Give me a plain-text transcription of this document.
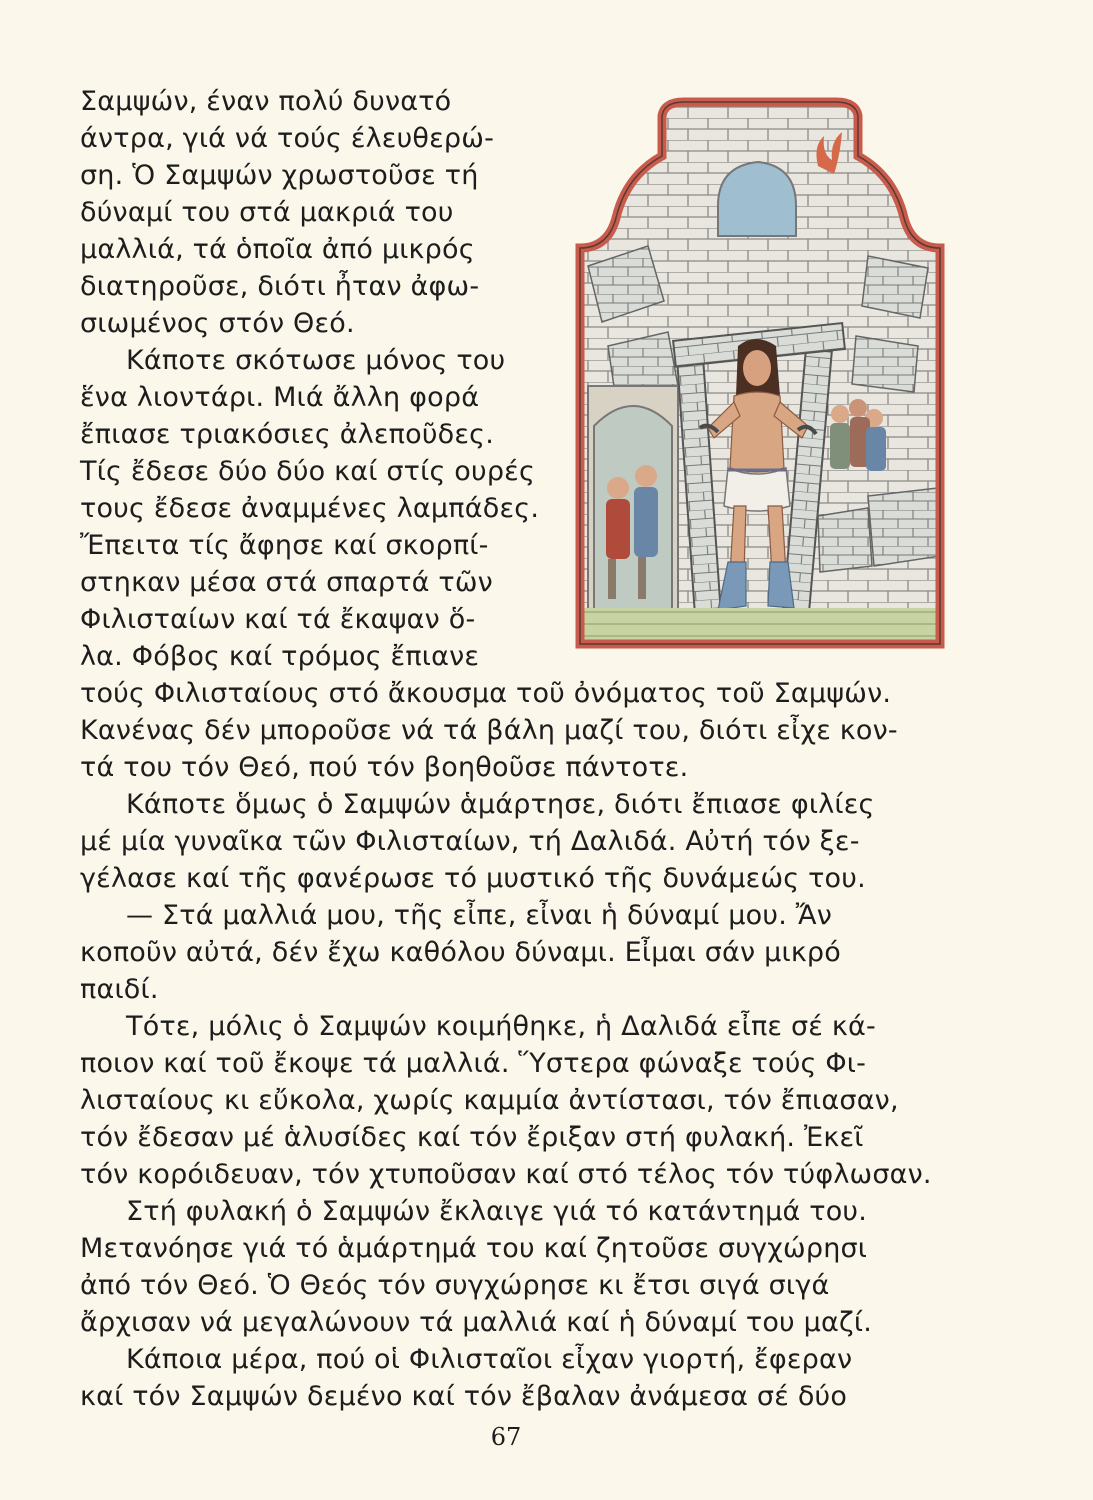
Σαμψών, έναν πολύ δυνατό
άντρα, γιά νά τούς έλευθερώ-
ση. Ὁ Σαμψών χρωστοῦσε τή
δύναμί του στά μακριά του
μαλλιά, τά ὁποῖα ἀπό μικρός
διατηροῦσε, διότι ἦταν ἀφω-
σιωμένος στόν Θεό.
Κάποτε σκότωσε μόνος του
ἕνα λιοντάρι. Μιά ἄλλη φορά
ἔπιασε τριακόσιες ἀλεποῦδες.
Τίς ἔδεσε δύο δύο καί στίς ουρές
τους ἔδεσε ἀναμμένες λαμπάδες.
Ἔπειτα τίς ἄφησε καί σκορπί-
στηκαν μέσα στά σπαρτά τῶν
Φιλισταίων καί τά ἔκαψαν ὅ-
λα. Φόβος καί τρόμος ἔπιανε
τούς Φιλισταίους στό ἄκουσμα τοῦ ὀνόματος τοῦ Σαμψών.
Κανένας δέν μποροῦσε νά τά βάλη μαζί του, διότι εἶχε κον-
τά του τόν Θεό, πού τόν βοηθοῦσε πάντοτε.
Κάποτε ὅμως ὁ Σαμψών ἁμάρτησε, διότι ἔπιασε φιλίες
μέ μία γυναῖκα τῶν Φιλισταίων, τή Δαλιδά. Αὐτή τόν ξε-
γέλασε καί τῆς φανέρωσε τό μυστικό τῆς δυνάμεώς του.
— Στά μαλλιά μου, τῆς εἶπε, εἶναι ἡ δύναμί μου. Ἄν
κοποῦν αὐτά, δέν ἔχω καθόλου δύναμι. Εἶμαι σάν μικρό
παιδί.
Τότε, μόλις ὁ Σαμψών κοιμήθηκε, ἡ Δαλιδά εἶπε σέ κά-
ποιον καί τοῦ ἔκοψε τά μαλλιά. Ὕστερα φώναξε τούς Φι-
λισταίους κι εὔκολα, χωρίς καμμία ἀντίστασι, τόν ἔπιασαν,
τόν ἔδεσαν μέ ἁλυσίδες καί τόν ἔριξαν στή φυλακή. Ἐκεῖ
τόν κορόιδευαν, τόν χτυποῦσαν καί στό τέλος τόν τύφλωσαν.
Στή φυλακή ὁ Σαμψών ἔκλαιγε γιά τό κατάντημά του.
Μετανόησε γιά τό ἁμάρτημά του καί ζητοῦσε συγχώρησι
ἀπό τόν Θεό. Ὁ Θεός τόν συγχώρησε κι ἔτσι σιγά σιγά
ἄρχισαν νά μεγαλώνουν τά μαλλιά καί ἡ δύναμί του μαζί.
Κάποια μέρα, πού οἱ Φιλισταῖοι εἶχαν γιορτή, ἔφεραν
καί τόν Σαμψών δεμένο καί τόν ἔβαλαν ἀνάμεσα σέ δύο
67
